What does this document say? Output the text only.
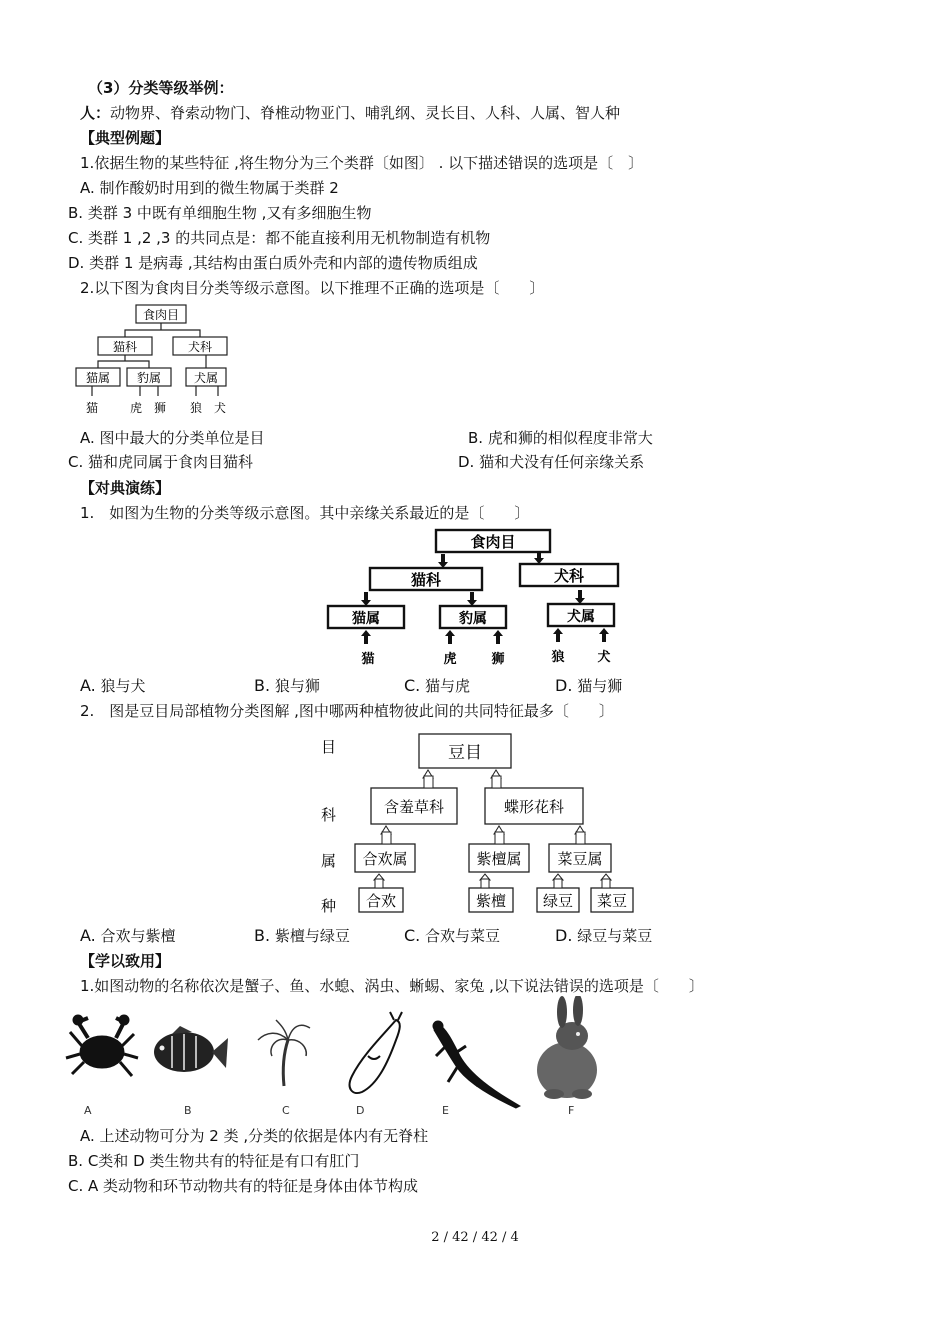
（3）分类等级举例：
人：动物界、脊索动物门、脊椎动物亚门、哺乳纲、灵长目、人科、人属、智人种
【典型例题】
1.依据生物的某些特征 ,将生物分为三个类群〔如图〕 . 以下描述错误的选项是〔　〕
A. 制作酸奶时用到的微生物属于类群 2
B. 类群 3 中既有单细胞生物 ,又有多细胞生物
C. 类群 1 ,2 ,3 的共同点是：都不能直接利用无机物制造有机物
D. 类群 1 是病毒 ,其结构由蛋白质外壳和内部的遗传物质组成
2.以下图为食肉目分类等级示意图。以下推理不正确的选项是〔　　〕
食肉目
猫科	犬科
猫属 豹属	犬属
猫	虎 狮 狼 犬
A. 图中最大的分类单位是目	B. 虎和狮的相似程度非常大
C. 猫和虎同属于食肉目猫科	D. 猫和犬没有任何亲缘关系
【对典演练】
1.　如图为生物的分类等级示意图。其中亲缘关系最近的是〔　　〕
食肉目
猫科	犬科
猫属	豹属	犬属
猫	虎	狮	狼	犬
A. 狼与犬	B. 狼与狮	C. 猫与虎	D. 猫与狮
2.　图是豆目局部植物分类图解 ,图中哪两种植物彼此间的共同特征最多〔　　〕
目
科
属
种
豆目
含羞草科	蝶形花科
合欢属	紫檀属 菜豆属
合欢	紫檀 绿豆 菜豆
A. 合欢与紫檀	B. 紫檀与绿豆	C. 合欢与菜豆	D. 绿豆与菜豆
【学以致用】
1.如图动物的名称依次是蟹子、鱼、水螅、涡虫、蜥蜴、家兔 ,以下说法错误的选项是〔　　〕
A	B	C	D	E	F
A. 上述动物可分为 2 类 ,分类的依据是体内有无脊柱
B. C类和 D 类生物共有的特征是有口有肛门
C. A 类动物和环节动物共有的特征是身体由体节构成
2 / 42 / 42 / 4
